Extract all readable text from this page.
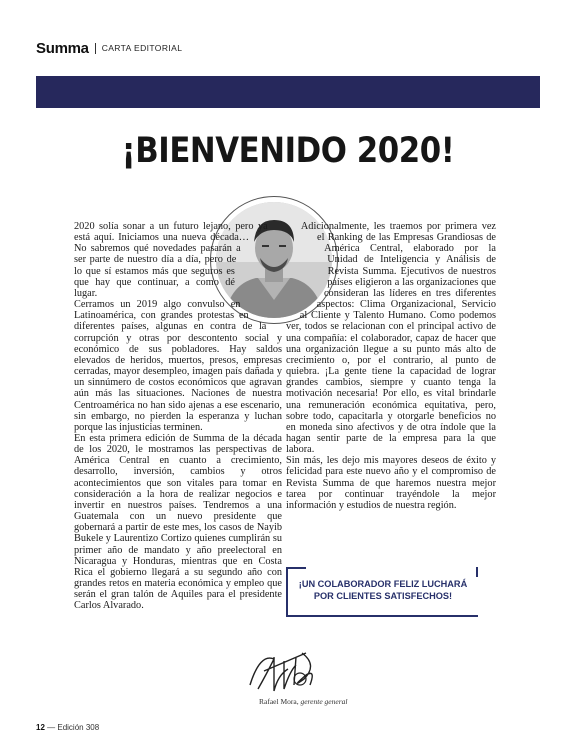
Summa CARTA EDITORIAL
¡BIENVENIDO 2020!

2020 solía sonar a un futuro lejano, pero ya está aquí. Iniciamos una nueva década… No sabremos qué novedades pasarán a ser parte de nuestro día a día, pero de lo que sí estamos más que seguros es que hay que continuar, a como dé lugar.

Cerramos un 2019 algo convulso en Latinoamérica, con grandes protestas en diferentes países, algunas en contra de la corrupción y otras por descontento social y económico de sus pobladores. Hay saldos elevados de heridos, muertos, presos, empresas cerradas, mayor desempleo, imagen país dañada y un sinnúmero de costos económicos que agravan aún más las situaciones. Naciones de nuestra Centroamérica no han sido ajenas a ese escenario, sin embargo, no pierden la esperanza y luchan porque las injusticias terminen.

En esta primera edición de Summa de la década de los 2020, le mostramos las perspectivas de América Central en cuanto a crecimiento, desarrollo, inversión, cambios y otros acontecimientos que son vitales para tomar en consideración a la hora de realizar negocios e invertir en nuestros países. Tendremos a una Guatemala con un nuevo presidente que gobernará a partir de este mes, los casos de Nayib Bukele y Laurentizo Cortizo quienes cumplirán su primer año de mandato y año preelectoral en Nicaragua y Honduras, mientras que en Costa Rica el gobierno llegará a su segundo año con grandes retos en materia económica y empleo que serán el gran talón de Aquiles para el presidente Carlos Alvarado.

Adicionalmente, les traemos por primera vez el Ranking de las Empresas Grandiosas de América Central, elaborado por la Unidad de Inteligencia y Análisis de Revista Summa. Ejecutivos de nuestros países eligieron a las organizaciones que consideran las líderes en tres diferentes aspectos: Clima Organizacional, Servicio al Cliente y Talento Humano. Como podemos ver, todos se relacionan con el principal activo de una compañía: el colaborador, capaz de hacer que una organización llegue a su punto más alto de crecimiento o, por el contrario, al punto de quiebra. ¡La gente tiene la capacidad de lograr grandes cambios, siempre y cuanto tenga la motivación necesaria! Por ello, es vital brindarle una remuneración económica equitativa, pero, sobre todo, capacitarla y otorgarle beneficios no en moneda sino afectivos y de otra índole que la hagan sentir parte de la empresa para la que labora.

Sin más, les dejo mis mayores deseos de éxito y felicidad para este nuevo año y el compromiso de Revista Summa de que haremos nuestra mejor tarea por continuar trayéndole la mejor información y estudios de nuestra región.

¡UN COLABORADOR FELIZ LUCHARÁ
POR CLIENTES SATISFECHOS!
Rafael Mora, gerente general
12 — Edición 308
